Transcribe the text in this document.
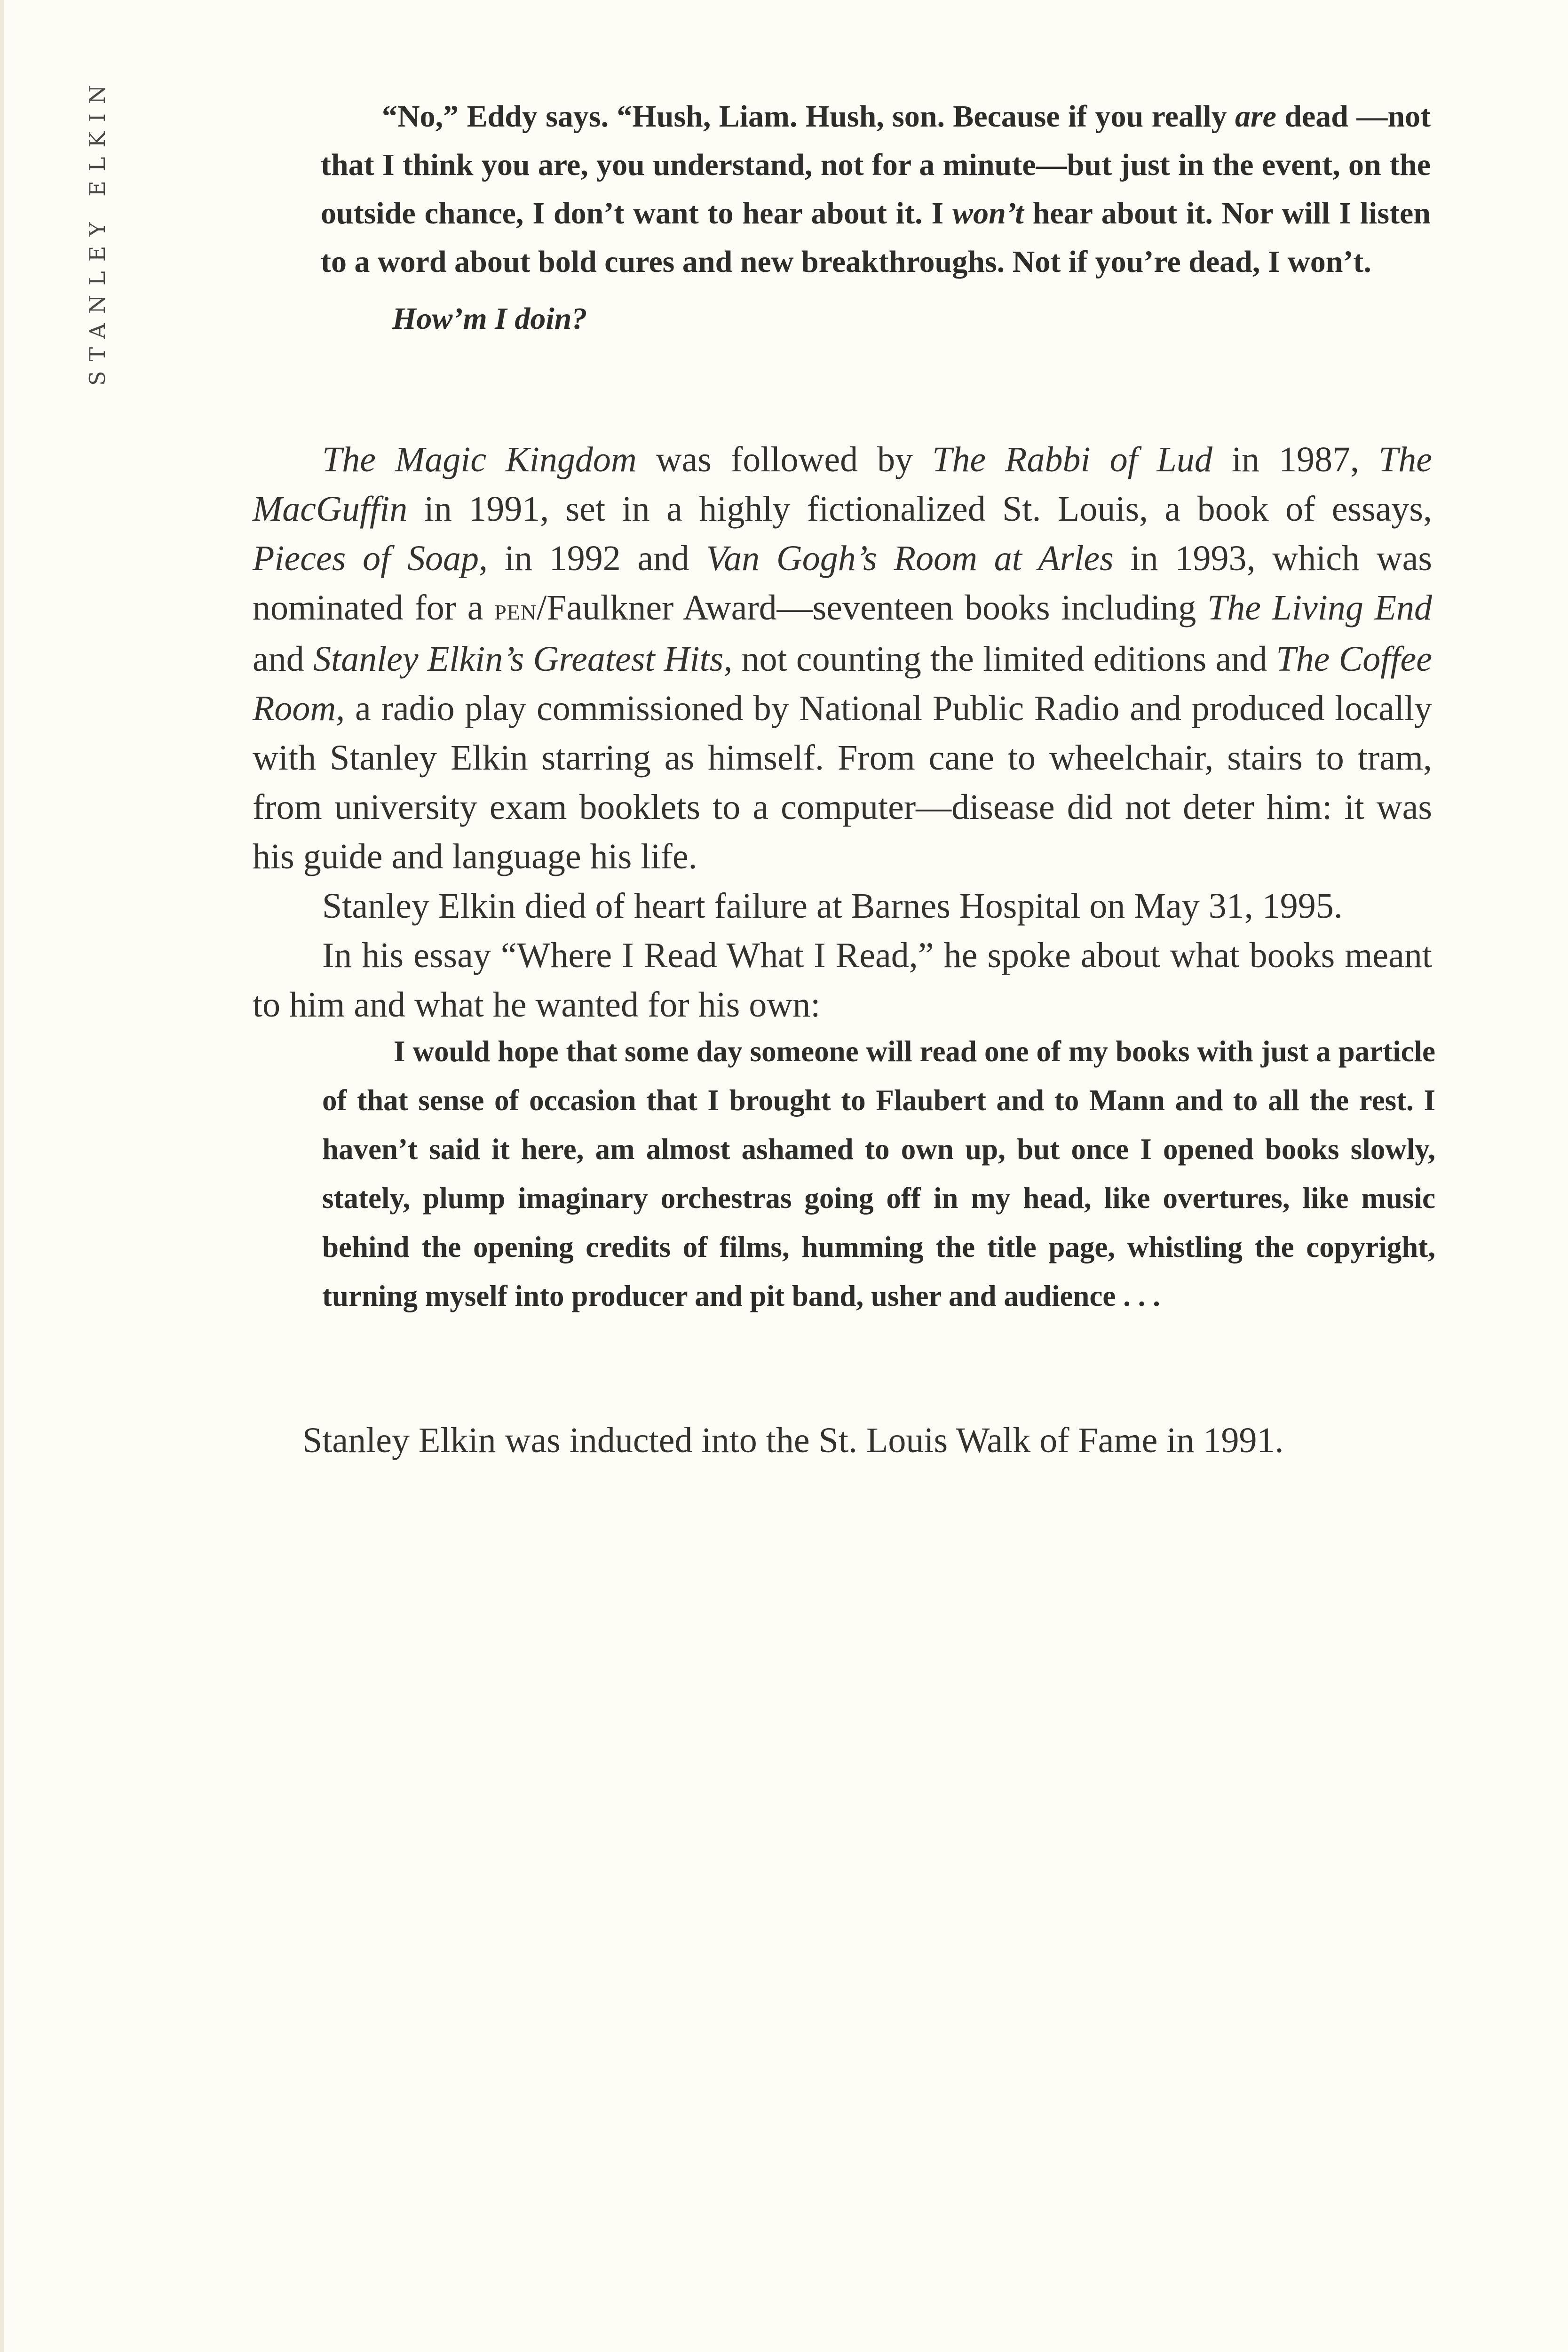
STANLEY ELKIN	“No,” Eddy says. “Hush, Liam. Hush, son. Because if you really are dead —not that I think you are, you understand, not for a minute—but just in the event, on the outside chance, I don’t want to hear about it. I won’t hear about it. Nor will I listen to a word about bold cures and new breakthroughs. Not if you’re dead, I won’t.

How’m I doin?

The Magic Kingdom was followed by The Rabbi of Lud in 1987, The MacGuffin in 1991, set in a highly fictionalized St. Louis, a book of essays, Pieces of Soap, in 1992 and Van Gogh’s Room at Arles in 1993, which was nominated for a pen/Faulkner Award—seventeen books including The Living End and Stanley Elkin’s Greatest Hits, not counting the limited editions and The Coffee Room, a radio play commissioned by National Public Radio and produced locally with Stanley Elkin starring as himself. From cane to wheelchair, stairs to tram, from university exam booklets to a computer—disease did not deter him: it was his guide and language his life.

Stanley Elkin died of heart failure at Barnes Hospital on May 31, 1995.

In his essay “Where I Read What I Read,” he spoke about what books meant to him and what he wanted for his own:

I would hope that some day someone will read one of my books with just a particle of that sense of occasion that I brought to Flaubert and to Mann and to all the rest. I haven’t said it here, am almost ashamed to own up, but once I opened books slowly, stately, plump imaginary orchestras going off in my head, like overtures, like music behind the opening credits of films, humming the title page, whistling the copyright, turning myself into producer and pit band, usher and audience . . .

Stanley Elkin was inducted into the St. Louis Walk of Fame in 1991.
